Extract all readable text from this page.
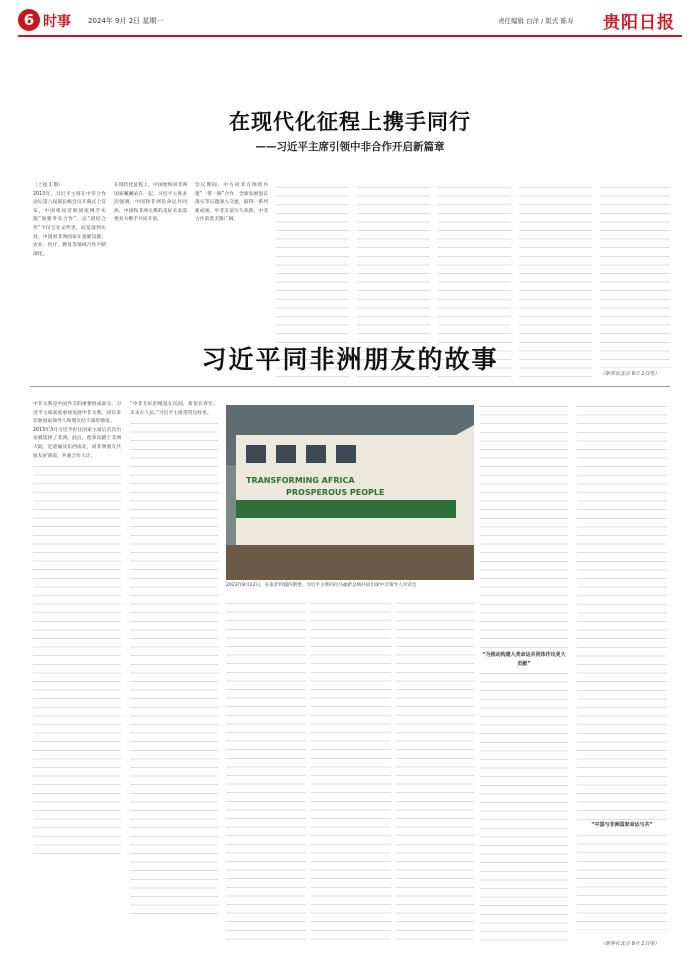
6 时事 2024年 9月 2日 星期一	责任编辑 白洋 / 版式 陈寿 贵阳日报
在现代化征程上携手同行
——习近平主席引领中非合作开启新篇章

（上接 1 版）

2013年，习近平主席在中非合作论坛第八届部长级会议开幕式上宣布，中国将同非洲国家携手实施“加强务实合作”，以“团结合作”不仅写在文件里，而是落到实处，中国同非洲国家在基础设施、农业、医疗、教育等领域合作不断深化。

在现代化征程上，中国始终同非洲国家紧紧站在一起。习近平主席多次强调，中国和非洲是命运共同体，中国和非洲关系的美好未来需要双方携手共同开创。

会议期间，中方同非方围绕共建“一带一路”合作、全球发展倡议落实等议题深入交流，取得一系列新成果。中非友谊历久弥新，中非合作前景无限广阔。

（新华社北京 9月 1日电）
习近平同非洲朋友的故事

中非关系是中国外交的重要组成部分。习近平主席高度重视发展中非关系，同许多非洲国家领导人和朋友结下深厚情谊。

2013年3月习近平担任国家主席后首次出访就选择了非洲。此后，他多次踏上非洲大陆，足迹遍及东西南北，同非洲朋友共叙友好情谊，共商合作大计。

“中非友好的根基在民间，希望在青年，未来在人民。”习近平主席常常这样说。

TRANSFORMING AFRICA
PROSPEROUS PEOPLE
2023年8月22日，在南非约翰内斯堡，习近平主席同拉马福萨总统共同出席中非领导人对话会

“为推动构建人类命运共同体作出更大贡献”

“中国与非洲国家命运与共”

（新华社北京 9月 1日电）
